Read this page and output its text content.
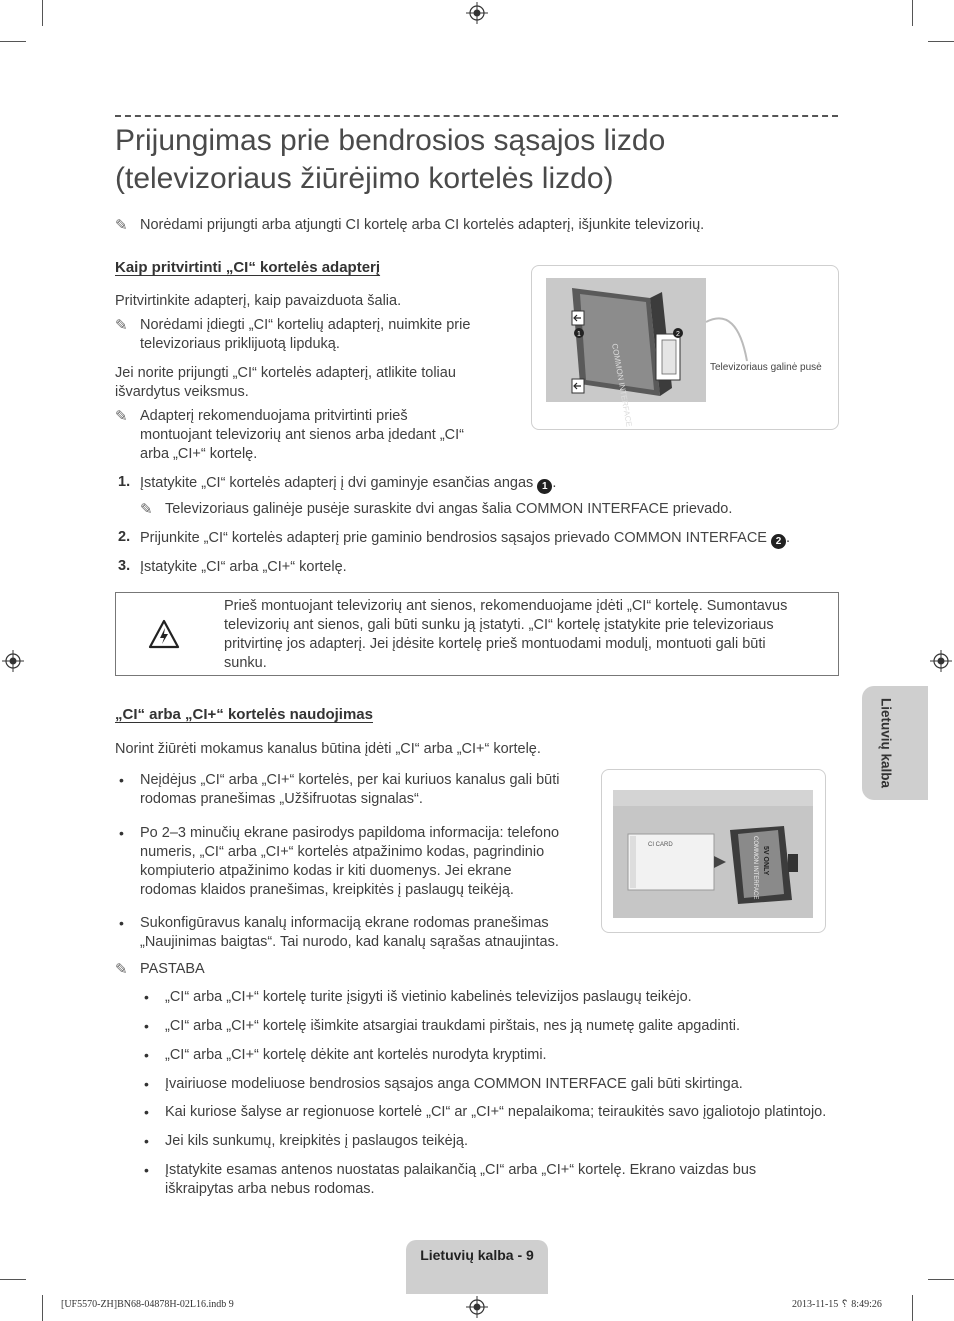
Prijungimas prie bendrosios sąsajos lizdo
(televizoriaus žiūrėjimo kortelės lizdo)
✎ Norėdami prijungti arba atjungti CI kortelę arba CI kortelės adapterį, išjunkite televizorių.
Kaip pritvirtinti „CI“ kortelės adapterį
Pritvirtinkite adapterį, kaip pavaizduota šalia.
✎ Norėdami įdiegti „CI“ kortelių adapterį, nuimkite prie
televizoriaus priklijuotą lipduką.
Jei norite prijungti „CI“ kortelės adapterį, atlikite toliau
išvardytus veiksmus.
✎ Adapterį rekomenduojama pritvirtinti prieš
montuojant televizorių ant sienos arba įdedant „CI“
arba „CI+“ kortelę.
COMMON INTERFACE
1	2
Televizoriaus galinė pusė
1. Įstatykite „CI“ kortelės adapterį į dvi gaminyje esančias angas 1 .
✎ Televizoriaus galinėje pusėje suraskite dvi angas šalia COMMON INTERFACE prievado.
2. Prijunkite „CI“ kortelės adapterį prie gaminio bendrosios sąsajos prievado COMMON INTERFACE 2 .
3. Įstatykite „CI“ arba „CI+“ kortelę.
Prieš montuojant televizorių ant sienos, rekomenduojame įdėti „CI“ kortelę. Sumontavus
televizorių ant sienos, gali būti sunku ją įstatyti. „CI“ kortelę įstatykite prie televizoriaus
pritvirtinę jos adapterį. Jei įdėsite kortelę prieš montuodami modulį, montuoti gali būti
sunku.
„CI“ arba „CI+“ kortelės naudojimas
Norint žiūrėti mokamus kanalus būtina įdėti „CI“ arba „CI+“ kortelę.
• Neįdėjus „CI“ arba „CI+“ kortelės, per kai kuriuos kanalus gali būti
rodomas pranešimas „Užšifruotas signalas“.
• Po 2–3 minučių ekrane pasirodys papildoma informacija: telefono
numeris, „CI“ arba „CI+“ kortelės atpažinimo kodas, pagrindinio
kompiuterio atpažinimo kodas ir kiti duomenys. Jei ekrane
rodomas klaidos pranešimas, kreipkitės į paslaugų teikėją.
• Sukonfigūravus kanalų informaciją ekrane rodomas pranešimas
„Naujinimas baigtas“. Tai nurodo, kad kanalų sąrašas atnaujintas.
CI CARD	COMMON INTERFACE 5V ONLY
✎ PASTABA
• „CI“ arba „CI+“ kortelę turite įsigyti iš vietinio kabelinės televizijos paslaugų teikėjo.
• „CI“ arba „CI+“ kortelę išimkite atsargiai traukdami pirštais, nes ją numetę galite apgadinti.
• „CI“ arba „CI+“ kortelę dėkite ant kortelės nurodyta kryptimi.
• Įvairiuose modeliuose bendrosios sąsajos anga COMMON INTERFACE gali būti skirtinga.
• Kai kuriose šalyse ar regionuose kortelė „CI“ ar „CI+“ nepalaikoma; teiraukitės savo įgaliotojo platintojo.
• Jei kils sunkumų, kreipkitės į paslaugos teikėją.
• Įstatykite esamas antenos nuostatas palaikančią „CI“ arba „CI+“ kortelę. Ekrano vaizdas bus
iškraipytas arba nebus rodomas.
Lietuvių kalba
Lietuvių kalba - 9
[UF5570-ZH]BN68-04878H-02L16.indb 9	2013-11-15 ␦ 8:49:26
